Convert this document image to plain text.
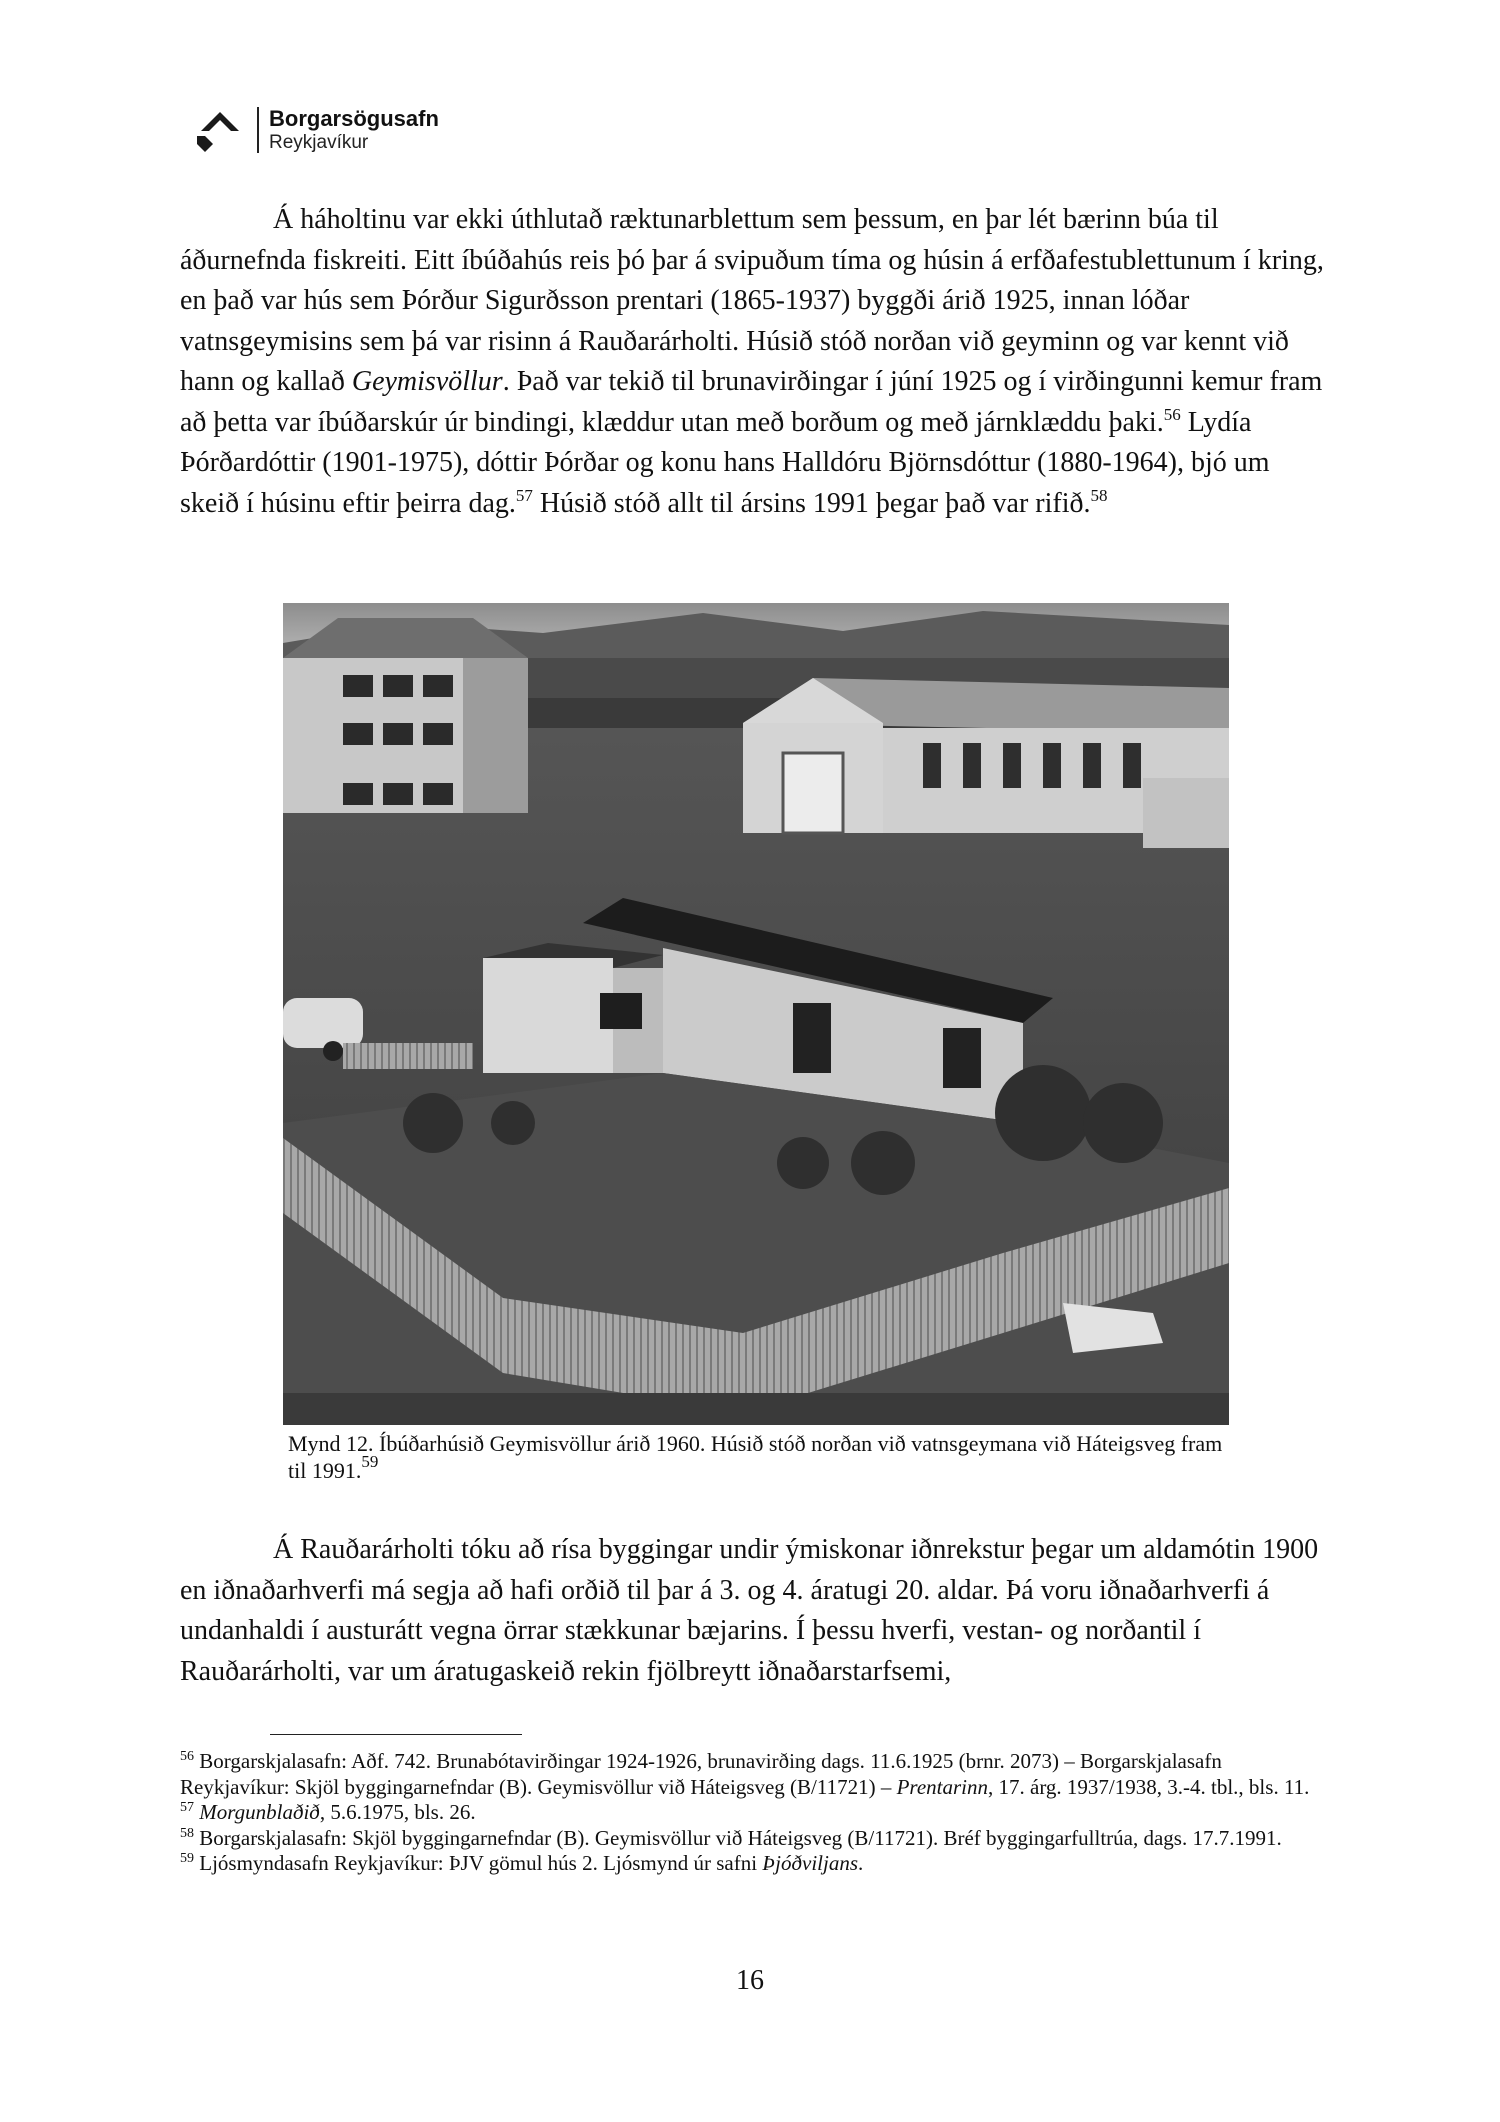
Borgarsögusafn
Reykjavíkur

Á háholtinu var ekki úthlutað ræktunarblettum sem þessum, en þar lét bærinn búa til áðurnefnda fiskreiti. Eitt íbúðahús reis þó þar á svipuðum tíma og húsin á erfðafestublettunum í kring, en það var hús sem Þórður Sigurðsson prentari (1865-1937) byggði árið 1925, innan lóðar vatnsgeymisins sem þá var risinn á Rauðarárholti. Húsið stóð norðan við geyminn og var kennt við hann og kallað Geymisvöllur. Það var tekið til brunavirðingar í júní 1925 og í virðingunni kemur fram að þetta var íbúðarskúr úr bindingi, klæddur utan með borðum og með járnklæddu þaki.$^{56}$ Lydía Þórðardóttir (1901-1975), dóttir Þórðar og konu hans Halldóru Björnsdóttur (1880-1964), bjó um skeið í húsinu eftir þeirra dag.$^{57}$ Húsið stóð allt til ársins 1991 þegar það var rifið.$^{58}$

Mynd 12. Íbúðarhúsið Geymisvöllur árið 1960. Húsið stóð norðan við vatnsgeymana við Háteigsveg fram til 1991.59

Á Rauðarárholti tóku að rísa byggingar undir ýmiskonar iðnrekstur þegar um aldamótin 1900 en iðnaðarhverfi má segja að hafi orðið til þar á 3. og 4. áratugi 20. aldar. Þá voru iðnaðarhverfi á undanhaldi í austurátt vegna örrar stækkunar bæjarins. Í þessu hverfi, vestan- og norðantil í Rauðarárholti, var um áratugaskeið rekin fjölbreytt iðnaðarstarfsemi,

$^{56}$ Borgarskjalasafn: Aðf. 742. Brunabótavirðingar 1924-1926, brunavirðing dags. 11.6.1925 (brnr. 2073) – Borgarskjalasafn Reykjavíkur: Skjöl byggingarnefndar (B). Geymisvöllur við Háteigsveg (B/11721) – Prentarinn, 17. árg. 1937/1938, 3.-4. tbl., bls. 11.

$^{57}$ Morgunblaðið, 5.6.1975, bls. 26.

$^{58}$ Borgarskjalasafn: Skjöl byggingarnefndar (B). Geymisvöllur við Háteigsveg (B/11721). Bréf byggingarfulltrúa, dags. 17.7.1991.

$^{59}$ Ljósmyndasafn Reykjavíkur: ÞJV gömul hús 2. Ljósmynd úr safni Þjóðviljans.

16
